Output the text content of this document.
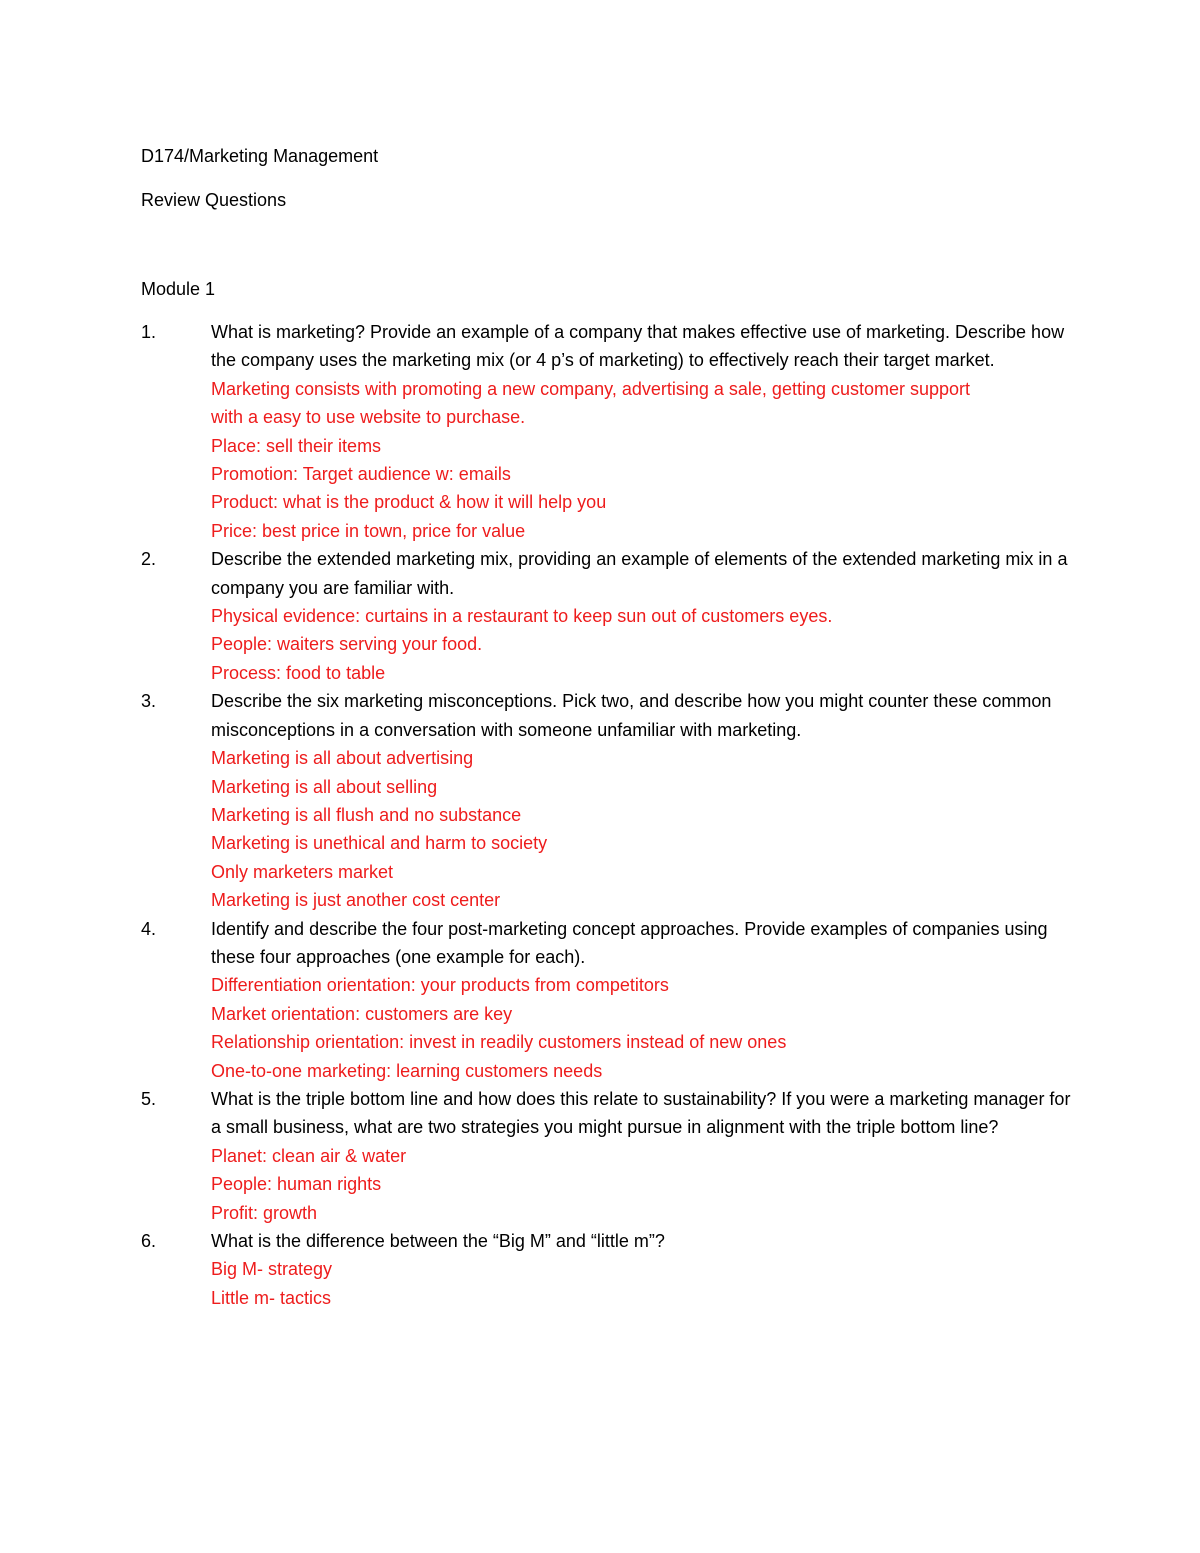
D174/Marketing Management
Review Questions
Module 1
1.	What is marketing? Provide an example of a company that makes effective use of marketing. Describe how the company uses the marketing mix (or 4 p’s of marketing) to effectively reach their target market.
Marketing consists with promoting a new company, advertising a sale, getting customer support
with a easy to use website to purchase.
Place: sell their items
Promotion: Target audience w: emails
Product: what is the product & how it will help you
Price: best price in town, price for value
2.	Describe the extended marketing mix, providing an example of elements of the extended marketing mix in a company you are familiar with.
Physical evidence: curtains in a restaurant to keep sun out of customers eyes.
People: waiters serving your food.
Process: food to table
3.	Describe the six marketing misconceptions. Pick two, and describe how you might counter these common misconceptions in a conversation with someone unfamiliar with marketing.
Marketing is all about advertising
Marketing is all about selling
Marketing is all flush and no substance
Marketing is unethical and harm to society
Only marketers market
Marketing is just another cost center
4.	Identify and describe the four post-marketing concept approaches. Provide examples of companies using these four approaches (one example for each).
Differentiation orientation: your products from competitors
Market orientation: customers are key
Relationship orientation: invest in readily customers instead of new ones
One-to-one marketing: learning customers needs
5.	What is the triple bottom line and how does this relate to sustainability? If you were a marketing manager for a small business, what are two strategies you might pursue in alignment with the triple bottom line?
Planet: clean air & water
People: human rights
Profit: growth
6.	What is the difference between the “Big M” and “little m”?
Big M- strategy
Little m- tactics
